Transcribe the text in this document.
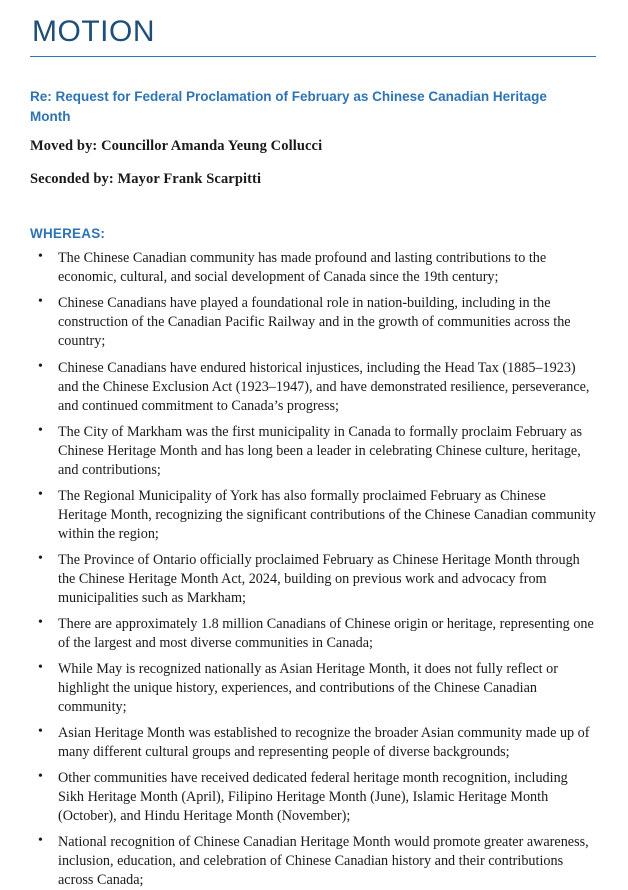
MOTION
Re: Request for Federal Proclamation of February as Chinese Canadian Heritage Month
Moved by: Councillor Amanda Yeung Collucci
Seconded by: Mayor Frank Scarpitti
WHEREAS:
• The Chinese Canadian community has made profound and lasting contributions to the economic, cultural, and social development of Canada since the 19th century;
• Chinese Canadians have played a foundational role in nation-building, including in the construction of the Canadian Pacific Railway and in the growth of communities across the country;
• Chinese Canadians have endured historical injustices, including the Head Tax (1885–1923) and the Chinese Exclusion Act (1923–1947), and have demonstrated resilience, perseverance, and continued commitment to Canada’s progress;
• The City of Markham was the first municipality in Canada to formally proclaim February as Chinese Heritage Month and has long been a leader in celebrating Chinese culture, heritage, and contributions;
• The Regional Municipality of York has also formally proclaimed February as Chinese Heritage Month, recognizing the significant contributions of the Chinese Canadian community within the region;
• The Province of Ontario officially proclaimed February as Chinese Heritage Month through the Chinese Heritage Month Act, 2024, building on previous work and advocacy from municipalities such as Markham;
• There are approximately 1.8 million Canadians of Chinese origin or heritage, representing one of the largest and most diverse communities in Canada;
• While May is recognized nationally as Asian Heritage Month, it does not fully reflect or highlight the unique history, experiences, and contributions of the Chinese Canadian community;
• Asian Heritage Month was established to recognize the broader Asian community made up of many different cultural groups and representing people of diverse backgrounds;
• Other communities have received dedicated federal heritage month recognition, including Sikh Heritage Month (April), Filipino Heritage Month (June), Islamic Heritage Month (October), and Hindu Heritage Month (November);
• National recognition of Chinese Canadian Heritage Month would promote greater awareness, inclusion, education, and celebration of Chinese Canadian history and their contributions across Canada;
